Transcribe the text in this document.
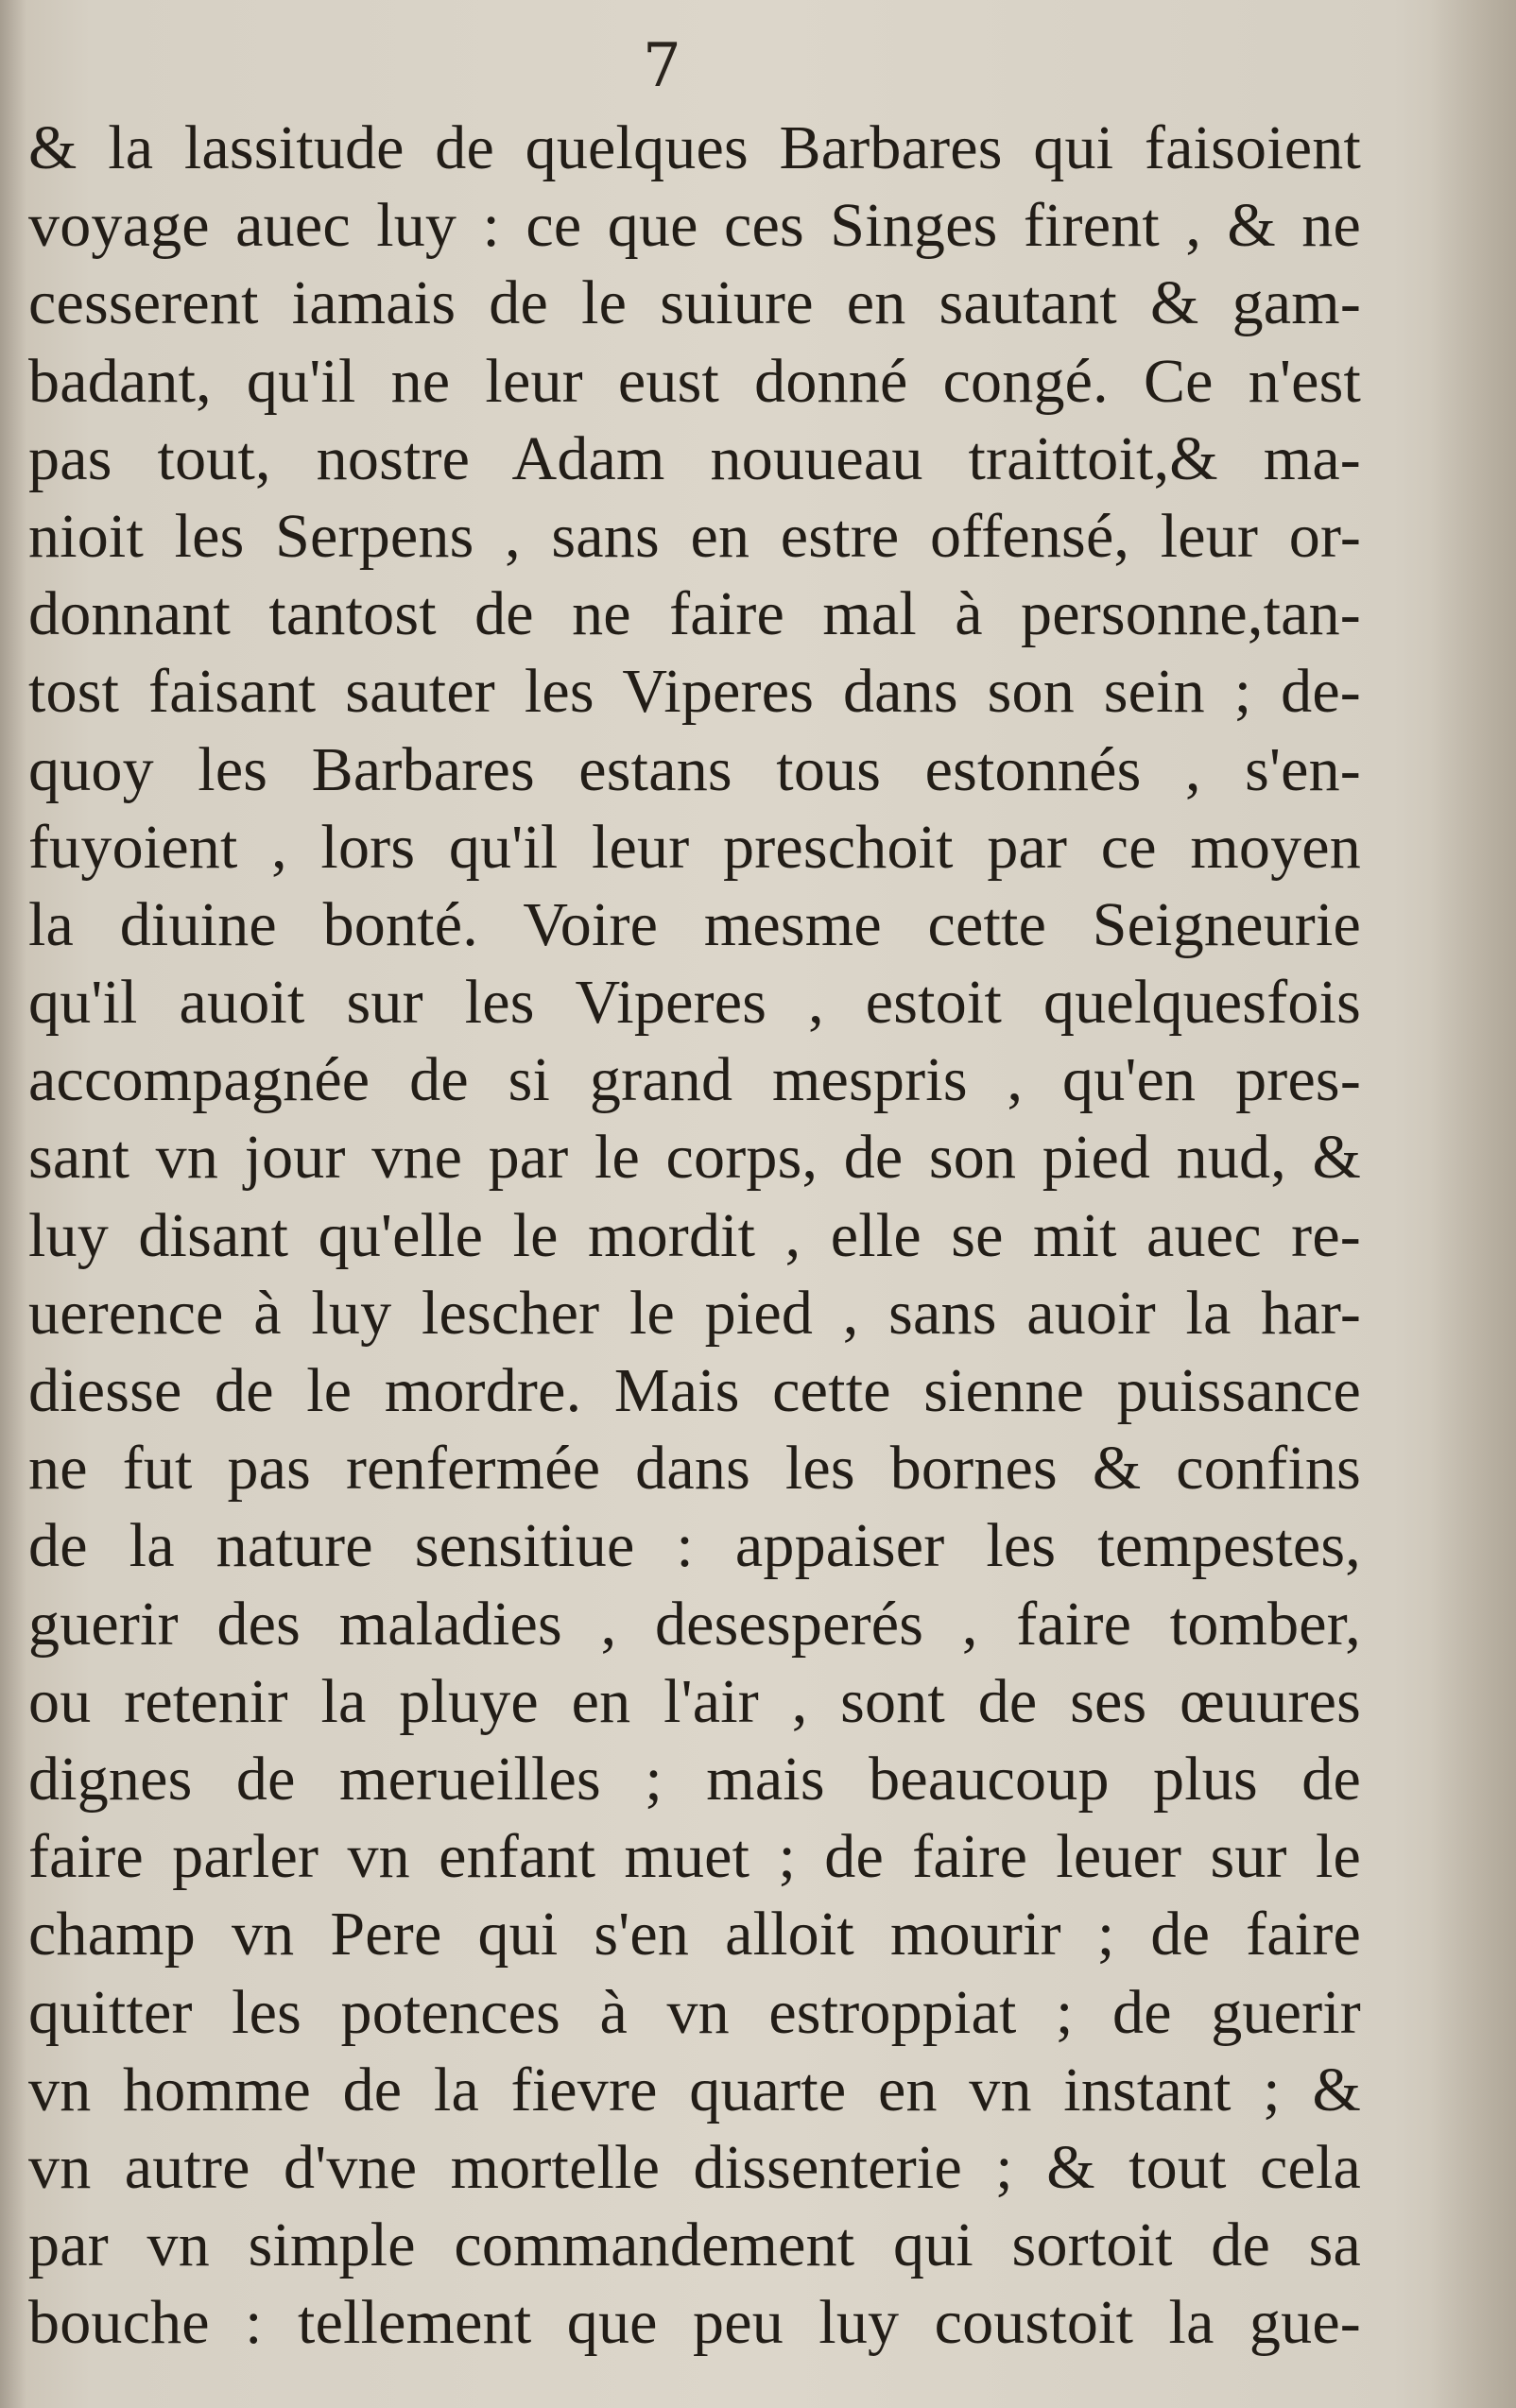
7
& la lassitude de quelques Barbares qui faisoient
voyage auec luy : ce que ces Singes firent , & ne
cesserent iamais de le suiure en sautant & gam-
badant, qu'il ne leur eust donné congé. Ce n'est
pas tout, nostre Adam nouueau traittoit,& ma-
nioit les Serpens , sans en estre offensé, leur or-
donnant tantost de ne faire mal à personne,tan-
tost faisant sauter les Viperes dans son sein ; de-
quoy les Barbares estans tous estonnés , s'en-
fuyoient , lors qu'il leur preschoit par ce moyen
la diuine bonté. Voire mesme cette Seigneurie
qu'il auoit sur les Viperes , estoit quelquesfois
accompagnée de si grand mespris , qu'en pres-
sant vn jour vne par le corps, de son pied nud, &
luy disant qu'elle le mordit , elle se mit auec re-
uerence à luy lescher le pied , sans auoir la har-
diesse de le mordre. Mais cette sienne puissance
ne fut pas renfermée dans les bornes & confins
de la nature sensitiue : appaiser les tempestes,
guerir des maladies , desesperés , faire tomber,
ou retenir la pluye en l'air , sont de ses œuures
dignes de merueilles ; mais beaucoup plus de
faire parler vn enfant muet ; de faire leuer sur le
champ vn Pere qui s'en alloit mourir ; de faire
quitter les potences à vn estroppiat ; de guerir
vn homme de la fievre quarte en vn instant ; &
vn autre d'vne mortelle dissenterie ; & tout cela
par vn simple commandement qui sortoit de sa
bouche : tellement que peu luy coustoit la gue-
